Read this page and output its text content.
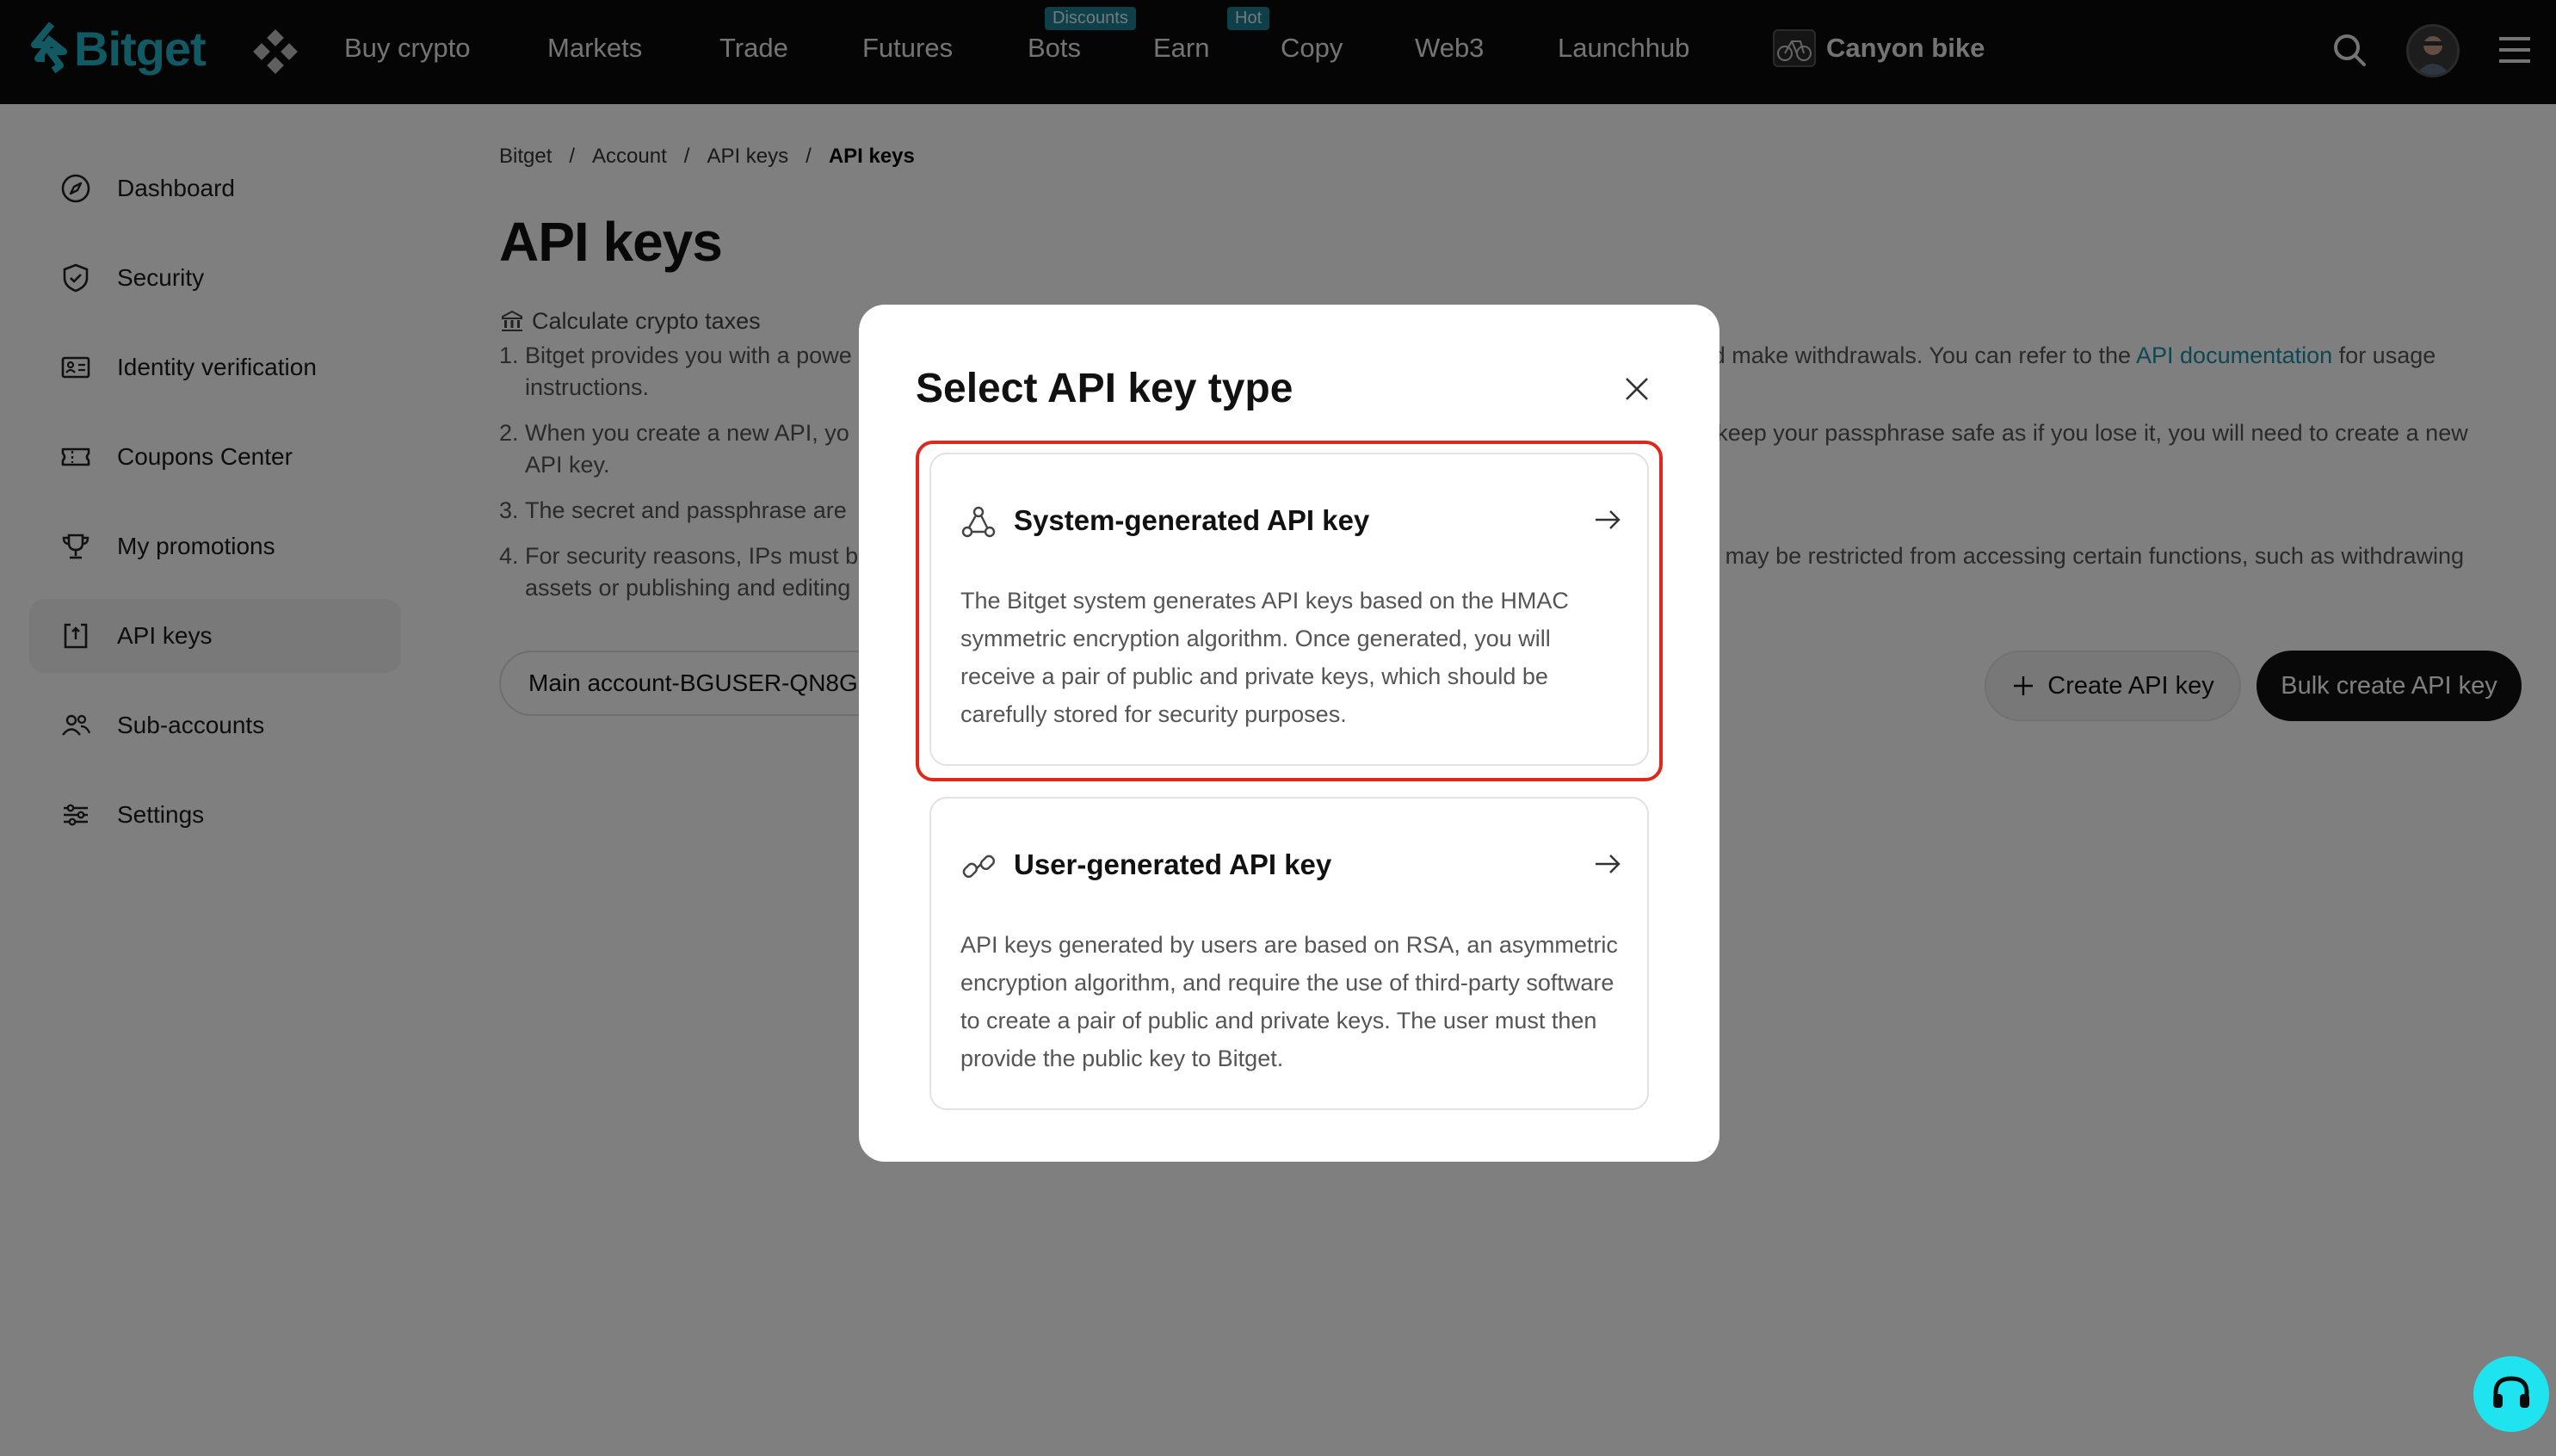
Select API key type
System-generated API key
The Bitget system generates API keys based on the HMAC symmetric encryption algorithm. Once generated, you will receive a pair of public and private keys, which should be carefully stored for security purposes.
User-generated API key
API keys generated by users are based on RSA, an asymmetric encryption algorithm, and require the use of third-party software to create a pair of public and private keys. The user must then provide the public key to Bitget.
